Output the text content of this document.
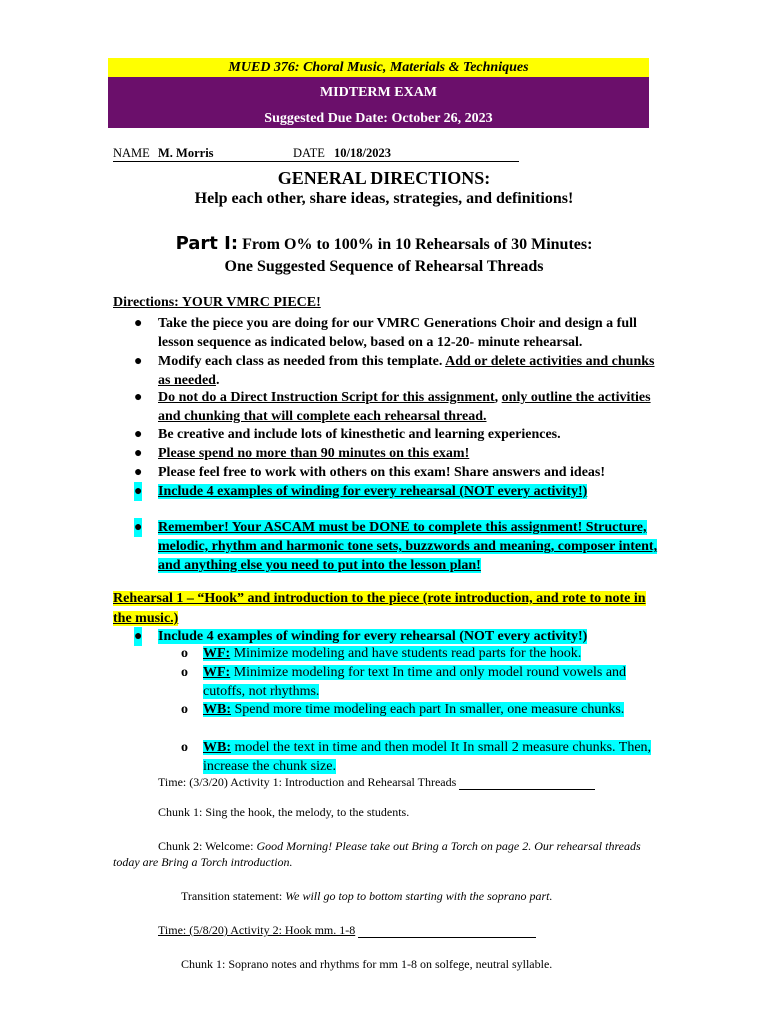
MUED 376: Choral Music, Materials & Techniques
MIDTERM EXAM
Suggested Due Date: October 26, 2023
NAME M. Morris	DATE 10/18/2023
GENERAL DIRECTIONS:
Help each other, share ideas, strategies, and definitions!
Part I: From O% to 100% in 10 Rehearsals of 30 Minutes:
One Suggested Sequence of Rehearsal Threads
Directions: YOUR VMRC PIECE!
● Take the piece you are doing for our VMRC Generations Choir and design a full lesson sequence as indicated below, based on a 12-20- minute rehearsal.
● Modify each class as needed from this template. Add or delete activities and chunks as needed.
● Do not do a Direct Instruction Script for this assignment, only outline the activities and chunking that will complete each rehearsal thread.
● Be creative and include lots of kinesthetic and learning experiences.
● Please spend no more than 90 minutes on this exam!
● Please feel free to work with others on this exam! Share answers and ideas!
● Include 4 examples of winding for every rehearsal (NOT every activity!)
● Remember! Your ASCAM must be DONE to complete this assignment! Structure, melodic, rhythm and harmonic tone sets, buzzwords and meaning, composer intent, and anything else you need to put into the lesson plan!
Rehearsal 1 – “Hook” and introduction to the piece (rote introduction, and rote to note in the music.)
● Include 4 examples of winding for every rehearsal (NOT every activity!)
o WF: Minimize modeling and have students read parts for the hook.
o WF: Minimize modeling for text In time and only model round vowels and cutoffs, not rhythms.
o WB: Spend more time modeling each part In smaller, one measure chunks.
o WB: model the text in time and then model It In small 2 measure chunks. Then, increase the chunk size.
Time: (3/3/20) Activity 1: Introduction and Rehearsal Threads
Chunk 1: Sing the hook, the melody, to the students.
Chunk 2: Welcome: Good Morning! Please take out Bring a Torch on page 2. Our rehearsal threads today are Bring a Torch introduction.
Transition statement: We will go top to bottom starting with the soprano part.
Time: (5/8/20) Activity 2: Hook mm. 1-8
Chunk 1: Soprano notes and rhythms for mm 1-8 on solfege, neutral syllable.
